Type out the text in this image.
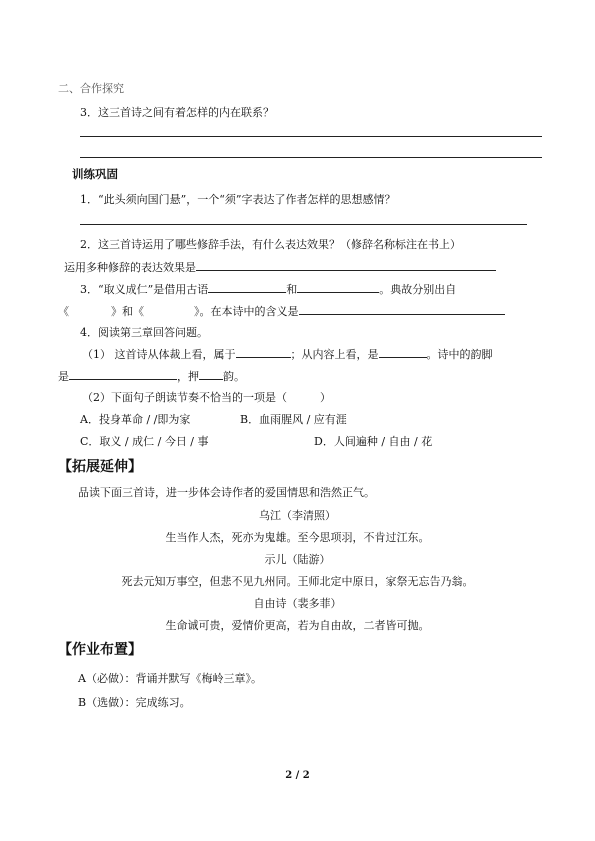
二、合作探究
3．这三首诗之间有着怎样的内在联系？
训练巩固
1．“此头须向国门悬”，一个“须”字表达了作者怎样的思想感情？
2．这三首诗运用了哪些修辞手法，有什么表达效果？（修辞名称标注在书上）
运用多种修辞的表达效果是
3．“取义成仁”是借用古语	和	。典故分别出自
《	》和《	》。在本诗中的含义是
4．阅读第三章回答问题。
（1） 这首诗从体裁上看，属于	；从内容上看，是	。诗中的韵脚
是	，押 韵。
（2）下面句子朗读节奏不恰当的一项是（　　　）
A．投身革命 / /即为家	B．血雨腥风 / 应有涯
C．取义 / 成仁 / 今日 / 事	D．人间遍种 / 自由 / 花
【拓展延伸】
品读下面三首诗，进一步体会诗作者的爱国情思和浩然正气。
乌江（李清照）
生当作人杰，死亦为鬼雄。至今思项羽，不肯过江东。
示儿（陆游）
死去元知万事空，但悲不见九州同。王师北定中原日，家祭无忘告乃翁。
自由诗（裴多菲）
生命诚可贵，爱情价更高，若为自由故，二者皆可抛。
【作业布置】
A（必做）：背诵并默写《梅岭三章》。
B（选做）：完成练习。
2 / 2
